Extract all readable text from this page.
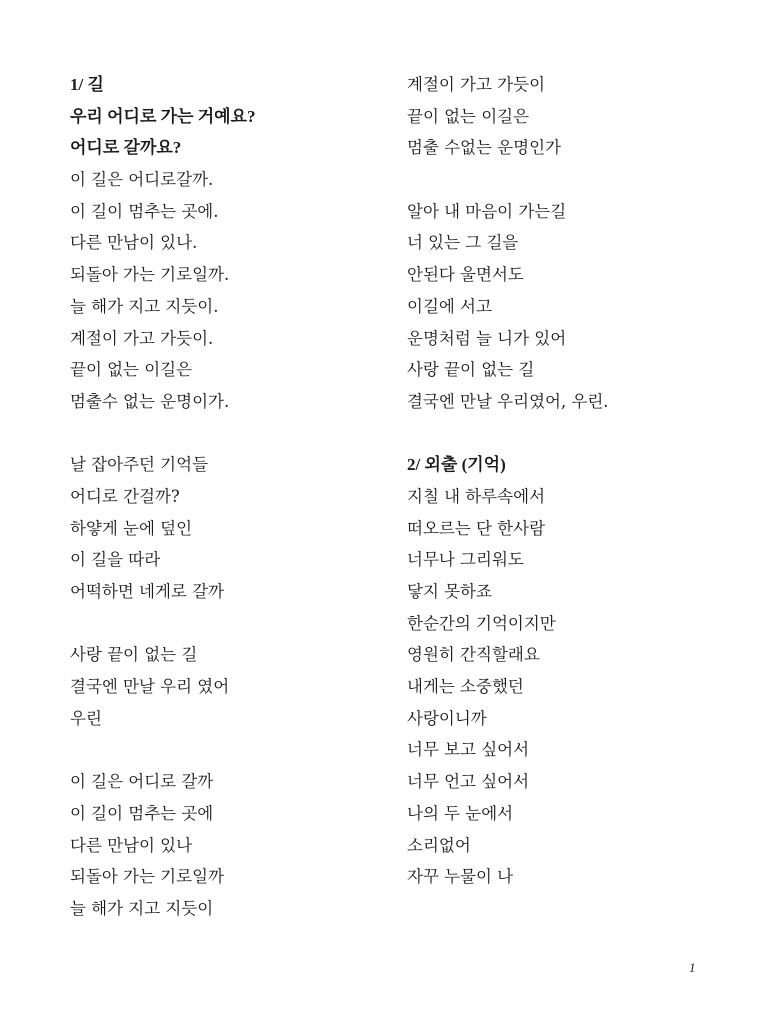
1/ 길
우리 어디로 가는 거예요?
어디로 갈까요?
이 길은 어디로갈까.
이 길이 멈추는 곳에.
다른 만남이 있나.
되돌아 가는 기로일까.
늘 해가 지고 지듯이.
계절이 가고 가듯이.
끝이 없는 이길은
멈출수 없는 운명이가.
날 잡아주던 기억들
어디로 간걸까?
하얗게 눈에 덮인
이 길을 따라
어떡하면 네게로 갈까
사랑 끝이 없는 길
결국엔 만날 우리 였어
우린
이 길은 어디로 갈까
이 길이 멈추는 곳에
다른 만남이 있나
되돌아 가는 기로일까
늘 해가 지고 지듯이
계절이 가고 가듯이
끝이 없는 이길은
멈출 수없는 운명인가
알아 내 마음이 가는길
너 있는 그 길을
안된다 울면서도
이길에 서고
운명처럼 늘 니가 있어
사랑 끝이 없는 길
결국엔 만날 우리였어, 우린.
2/ 외출 (기억)
지칠 내 하루속에서
떠오르는 단 한사람
너무나 그리워도
닿지 못하죠
한순간의 기억이지만
영원히 간직할래요
내게는 소중했던
사랑이니까
너무 보고 싶어서
너무 언고 싶어서
나의 두 눈에서
소리없어
자꾸 누물이 나
1
